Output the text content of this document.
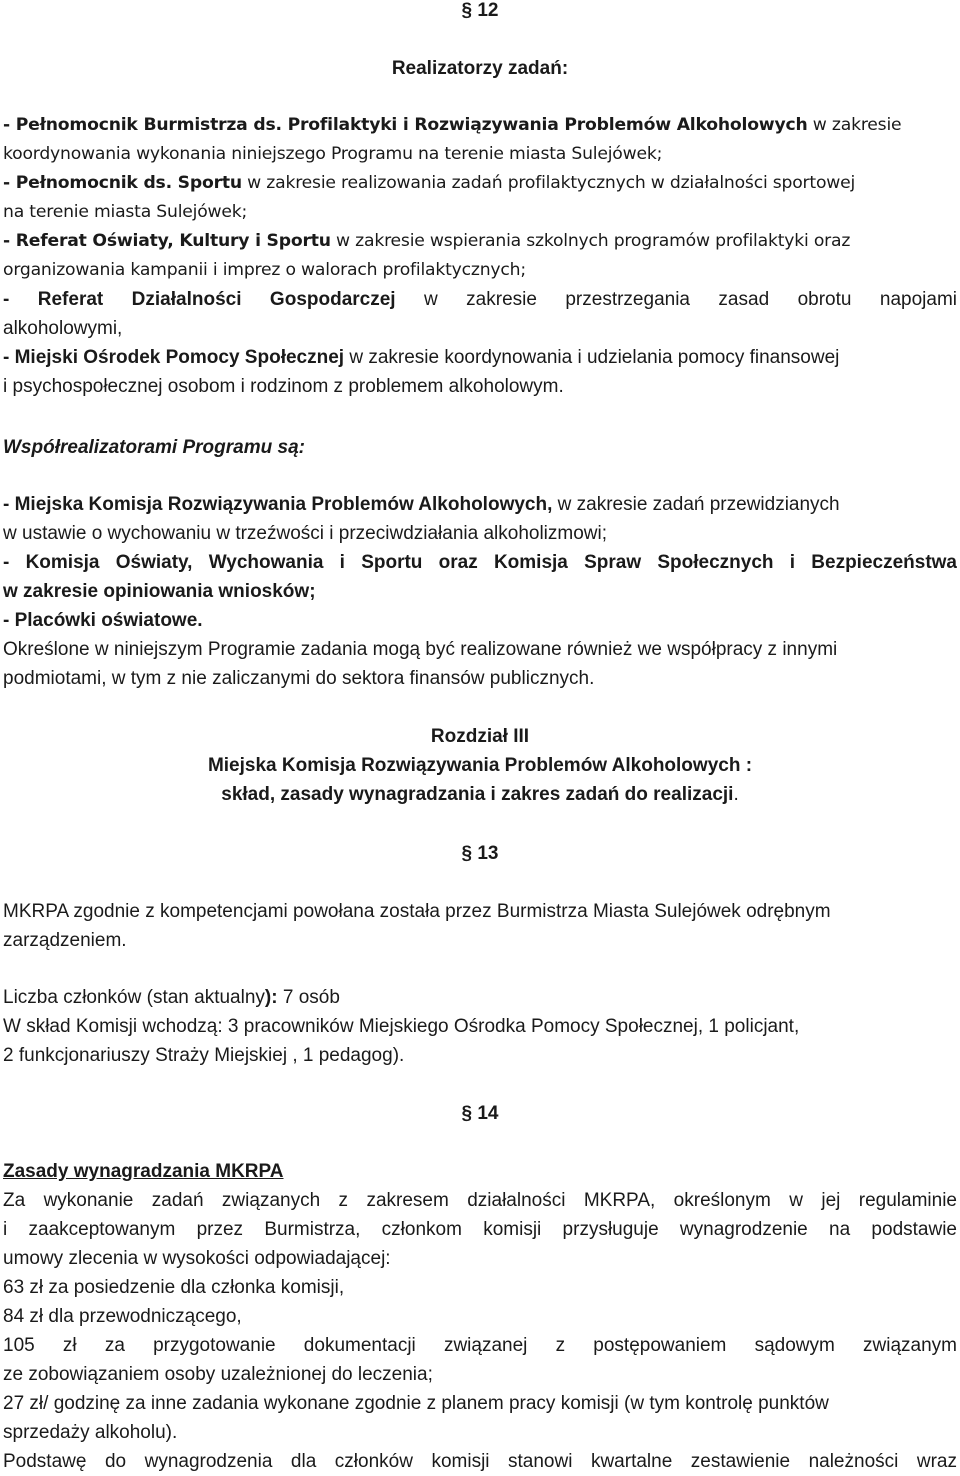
§ 12
Realizatorzy zadań:
- Pełnomocnik Burmistrza ds. Profilaktyki i Rozwiązywania Problemów Alkoholowych w zakresie
koordynowania wykonania niniejszego Programu na terenie miasta Sulejówek;
- Pełnomocnik ds. Sportu w zakresie realizowania zadań profilaktycznych w działalności sportowej
na terenie miasta Sulejówek;
- Referat Oświaty, Kultury i Sportu w zakresie wspierania szkolnych programów profilaktyki oraz
organizowania kampanii i imprez o walorach profilaktycznych;
- Referat Działalności Gospodarczej w zakresie przestrzegania zasad obrotu napojami
alkoholowymi,
- Miejski Ośrodek Pomocy Społecznej w zakresie koordynowania i udzielania pomocy finansowej
i psychospołecznej osobom i rodzinom z problemem alkoholowym.
Współrealizatorami Programu są:
- Miejska Komisja Rozwiązywania Problemów Alkoholowych, w zakresie zadań przewidzianych
w ustawie o wychowaniu w trzeźwości i przeciwdziałania alkoholizmowi;
- Komisja Oświaty, Wychowania i Sportu oraz Komisja Spraw Społecznych i Bezpieczeństwa
w zakresie opiniowania wniosków;
- Placówki oświatowe.
Określone w niniejszym Programie zadania mogą być realizowane również we współpracy z innymi
podmiotami, w tym z nie zaliczanymi do sektora finansów publicznych.
Rozdział III
Miejska Komisja Rozwiązywania Problemów Alkoholowych :
skład, zasady wynagradzania i zakres zadań do realizacji.
§ 13
MKRPA zgodnie z kompetencjami powołana została przez Burmistrza Miasta Sulejówek odrębnym
zarządzeniem.
Liczba członków (stan aktualny): 7 osób
W skład Komisji wchodzą: 3 pracowników Miejskiego Ośrodka Pomocy Społecznej, 1 policjant,
2 funkcjonariuszy Straży Miejskiej , 1 pedagog).
§ 14
Zasady wynagradzania MKRPA
Za wykonanie zadań związanych z zakresem działalności MKRPA, określonym w jej regulaminie
i zaakceptowanym przez Burmistrza, członkom komisji przysługuje wynagrodzenie na podstawie
umowy zlecenia w wysokości odpowiadającej:
63 zł za posiedzenie dla członka komisji,
84 zł dla przewodniczącego,
105 zł za przygotowanie dokumentacji związanej z postępowaniem sądowym związanym
ze zobowiązaniem osoby uzależnionej do leczenia;
27 zł/ godzinę za inne zadania wykonane zgodnie z planem pracy komisji (w tym kontrolę punktów
sprzedaży alkoholu).
Podstawę do wynagrodzenia dla członków komisji stanowi kwartalne zestawienie należności wraz
